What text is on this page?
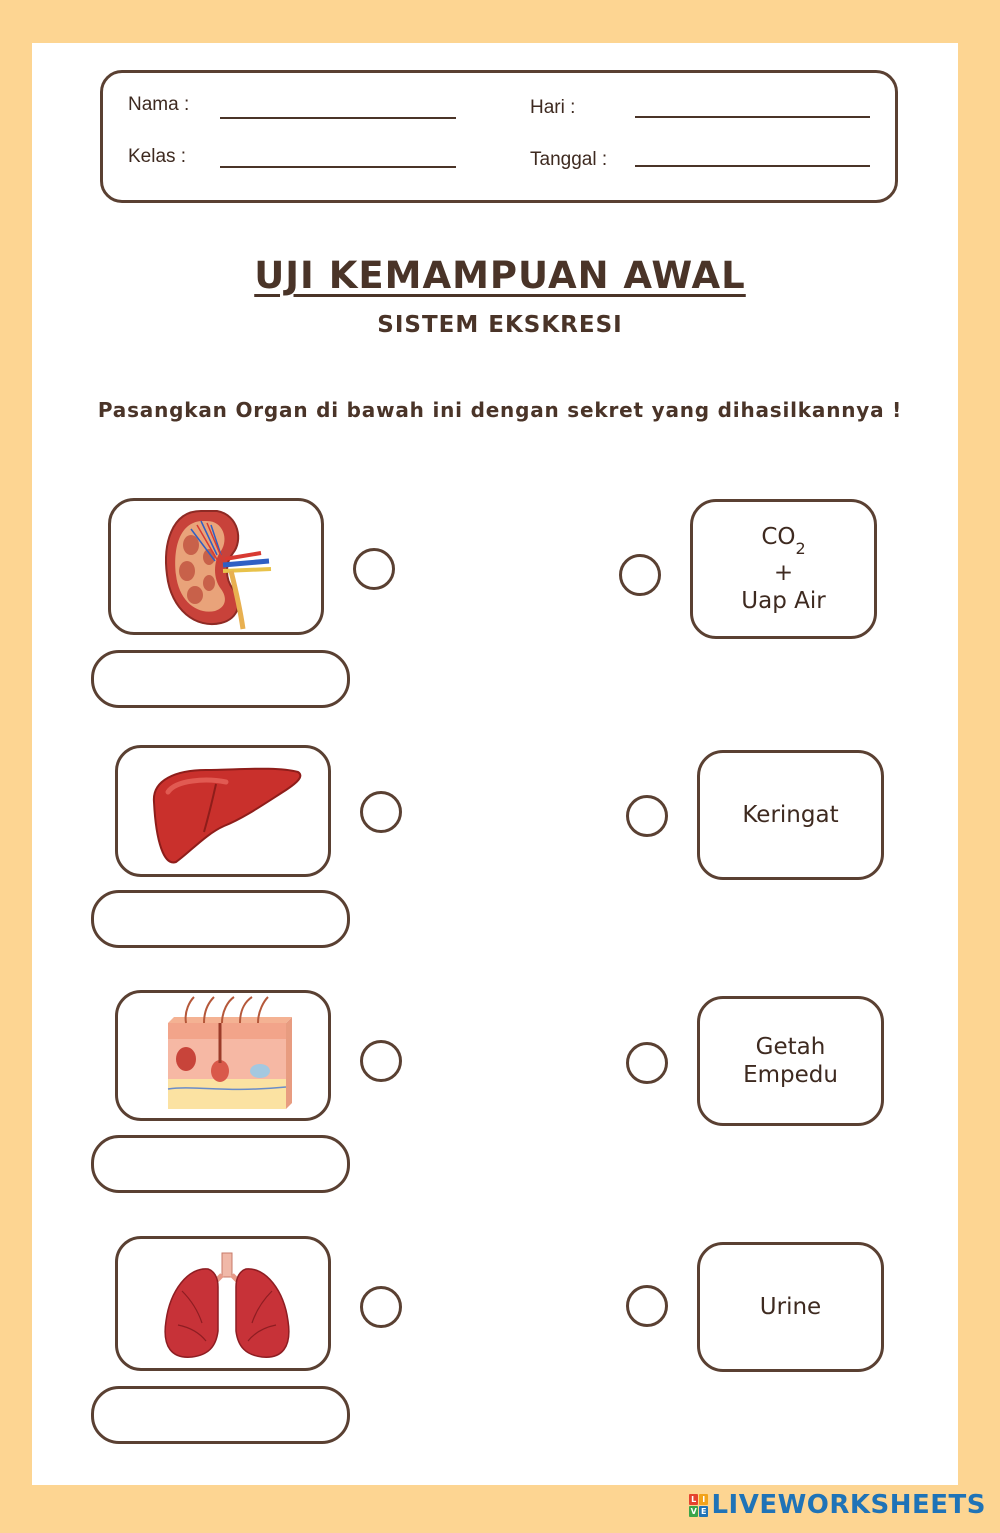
Nama :
Kelas :
Hari :
Tanggal :
UJI KEMAMPUAN AWAL
SISTEM EKSKRESI
Pasangkan Organ di bawah ini dengan sekret yang dihasilkannya !
$CO_2$
+
Uap Air
Keringat
Getah
Empedu
Urine
L I
V E LIVEWORKSHEETS
